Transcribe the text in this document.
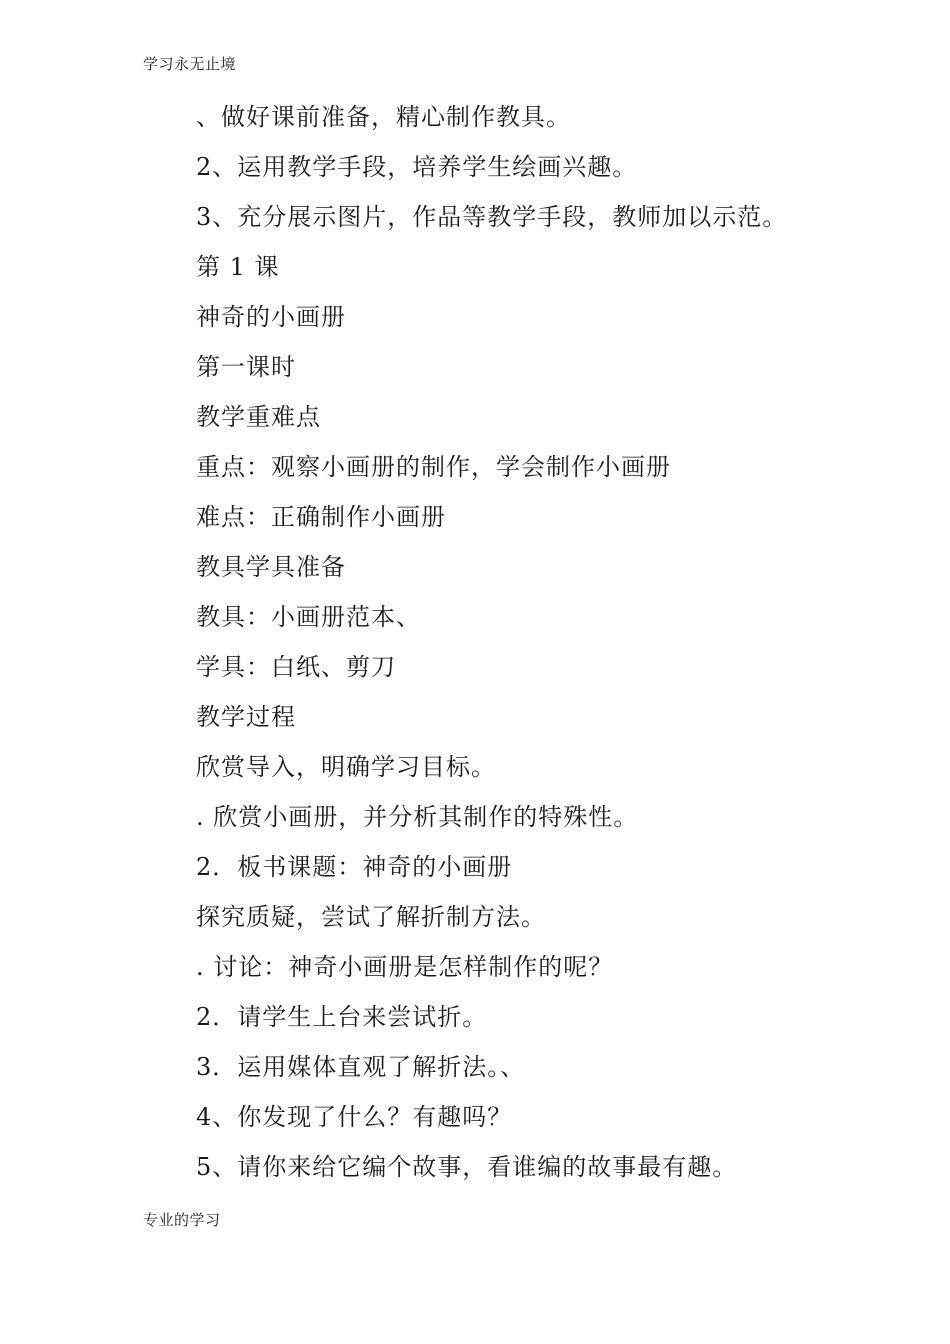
学习永无止境
、做好课前准备，精心制作教具。
2、运用教学手段，培养学生绘画兴趣。
3、充分展示图片，作品等教学手段，教师加以示范。
第 1 课
神奇的小画册
第一课时
教学重难点
重点：观察小画册的制作，学会制作小画册
难点：正确制作小画册
教具学具准备
教具：小画册范本、
学具：白纸、剪刀
教学过程
欣赏导入，明确学习目标。
. 欣赏小画册，并分析其制作的特殊性。
2．板书课题：神奇的小画册
探究质疑，尝试了解折制方法。
. 讨论：神奇小画册是怎样制作的呢？
2．请学生上台来尝试折。
3．运用媒体直观了解折法。、
4、你发现了什么？有趣吗？
5、请你来给它编个故事，看谁编的故事最有趣。
专业的学习
